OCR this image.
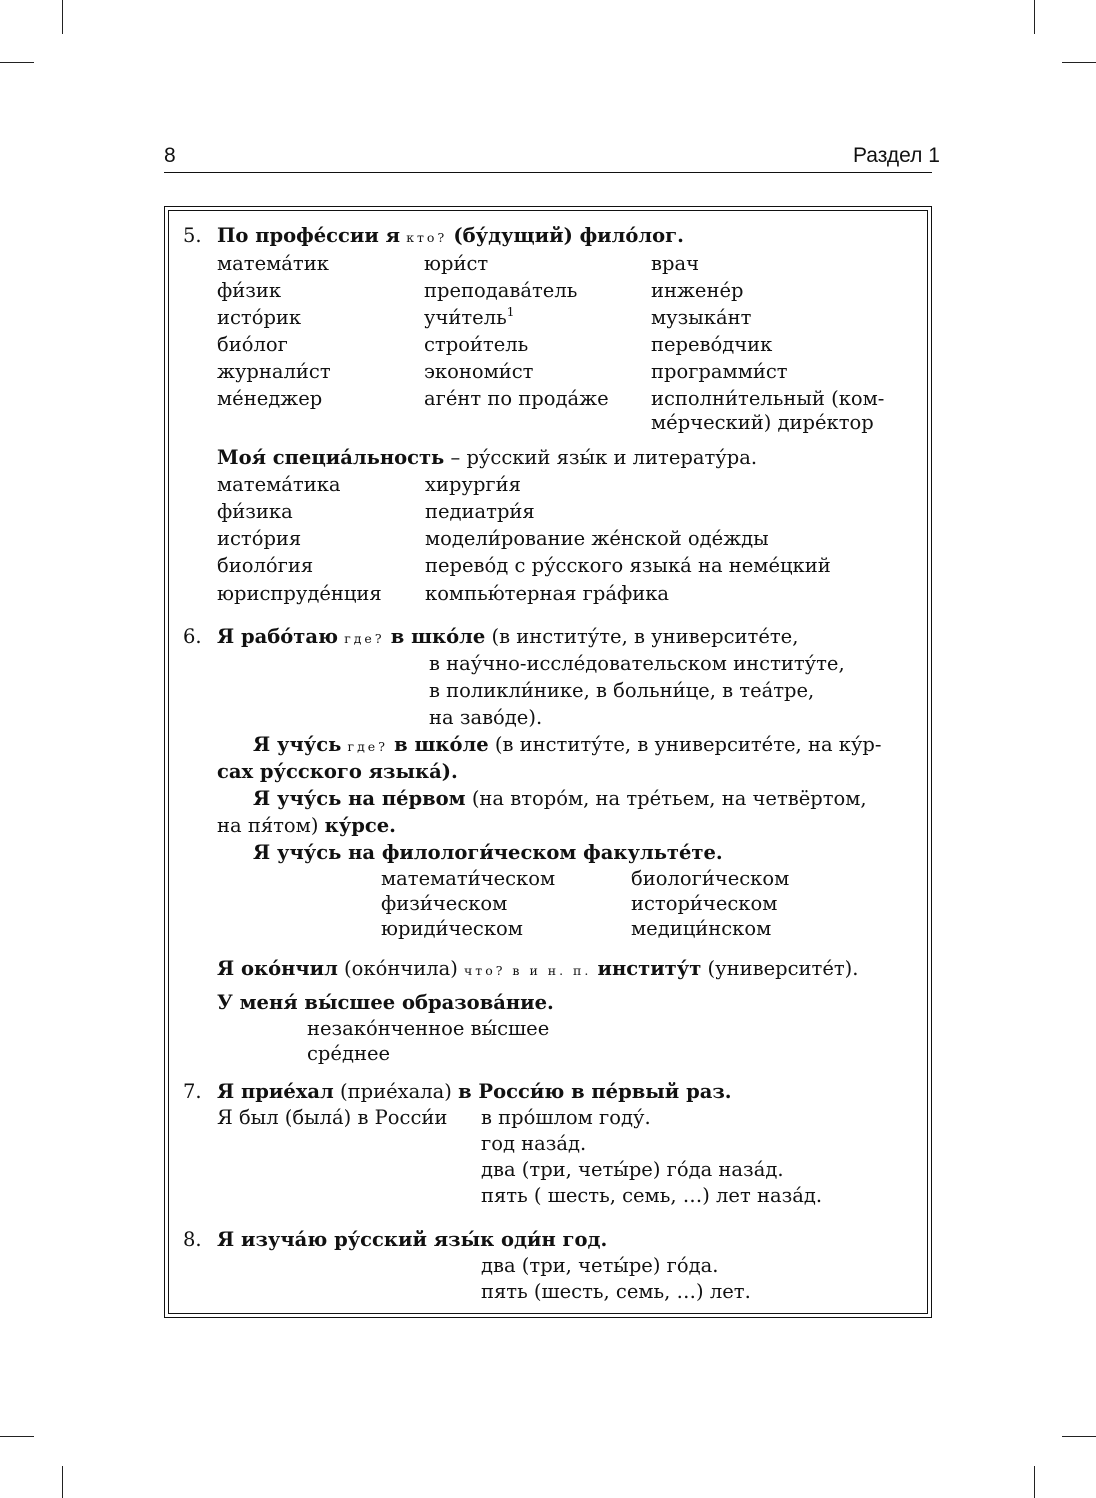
8	Раздел 1
5. По профе́ссии я кто? (бу́дущий) фило́лог.
матема́тик
фи́зик
исто́рик
био́лог
журнали́ст
ме́неджер
юри́ст
преподава́тель
учи́тель$^1$
строи́тель
экономи́ст
аге́нт по прода́же
врач
инжене́р
музыка́нт
перево́дчик
программи́ст
исполни́тельный (ком-
ме́рческий) дире́ктор
Моя́ специа́льность – ру́сский язы́к и литерату́ра.
матема́тика
фи́зика
исто́рия
биоло́гия
юриспруде́нция
хирурги́я
педиатри́я
модели́рование же́нской оде́жды
перево́д с ру́сского языка́ на неме́цкий
компью́терная гра́фика
6. Я рабо́таю где? в шко́ле (в институ́те, в университе́те,
в нау́чно-иссле́довательском институ́те,
в поликли́нике, в больни́це, в теа́тре,
на заво́де).
Я учу́сь где? в шко́ле (в институ́те, в университе́те, на ку́р-
сах ру́сского языка́).
Я учу́сь на пе́рвом (на второ́м, на тре́тьем, на четвёртом,
на пя́том) ку́рсе.
Я учу́сь на филологи́ческом факульте́те.
математи́ческом
физи́ческом
юриди́ческом
биологи́ческом
истори́ческом
медици́нском
Я око́нчил (око́нчила) что? в и н. п. институ́т (университе́т).
У меня́ вы́сшее образова́ние.
незако́нченное вы́сшее
сре́днее
7. Я прие́хал (прие́хала) в Росси́ю в пе́рвый раз.
Я был (была́) в Росси́и в про́шлом году́.
год наза́д.
два (три, четы́ре) го́да наза́д.
пять ( шесть, семь, …) лет наза́д.
8. Я изуча́ю ру́сский язы́к оди́н год.
два (три, четы́ре) го́да.
пять (шесть, семь, …) лет.
